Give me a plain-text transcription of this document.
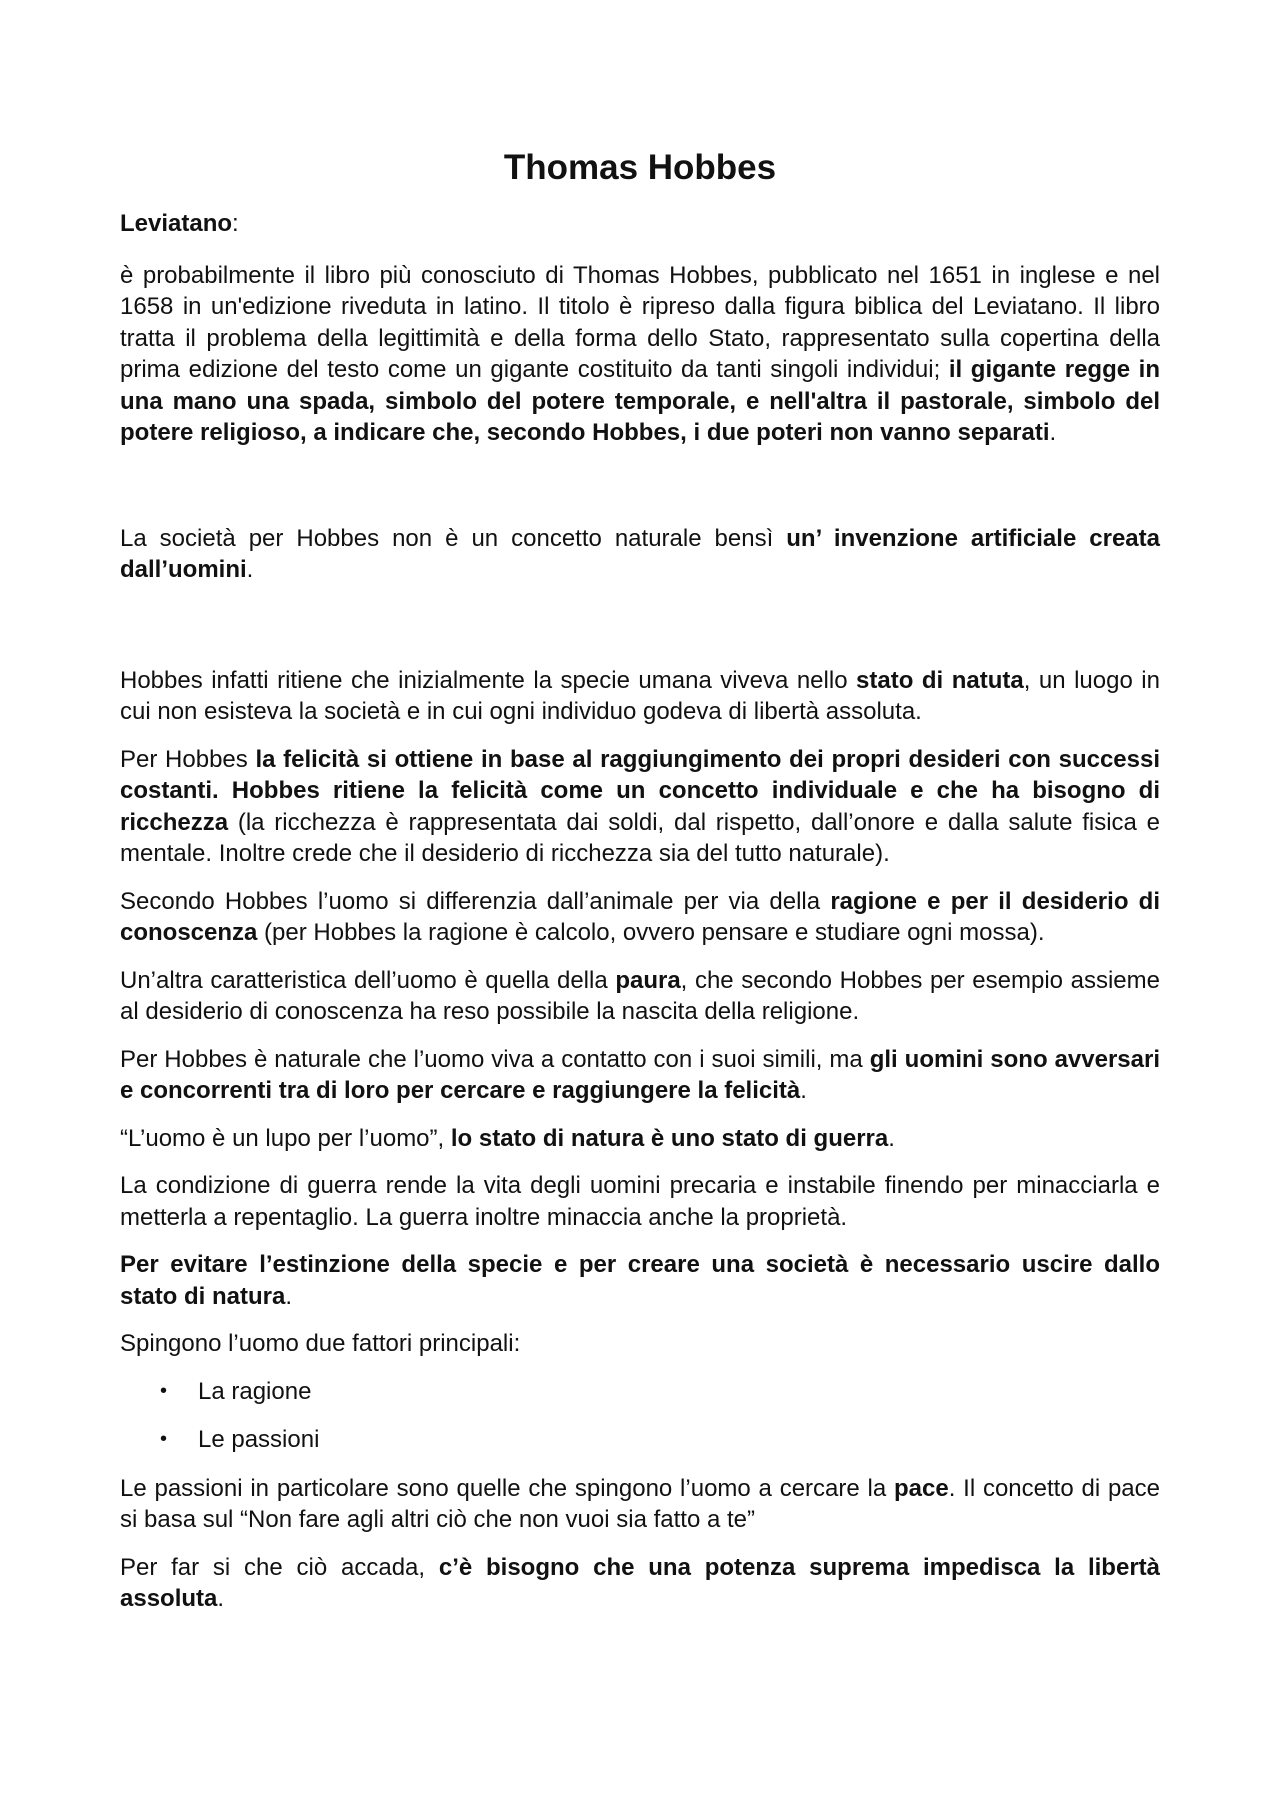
Thomas Hobbes
Leviatano:

è probabilmente il libro più conosciuto di Thomas Hobbes, pubblicato nel 1651 in inglese e nel 1658 in un'edizione riveduta in latino. Il titolo è ripreso dalla figura biblica del Leviatano. Il libro tratta il problema della legittimità e della forma dello Stato, rappresentato sulla copertina della prima edizione del testo come un gigante costituito da tanti singoli individui; il gigante regge in una mano una spada, simbolo del potere temporale, e nell'altra il pastorale, simbolo del potere religioso, a indicare che, secondo Hobbes, i due poteri non vanno separati.

La società per Hobbes non è un concetto naturale bensì un’ invenzione artificiale creata dall’uomini.

Hobbes infatti ritiene che inizialmente la specie umana viveva nello stato di natuta, un luogo in cui non esisteva la società e in cui ogni individuo godeva di libertà assoluta.

Per Hobbes la felicità si ottiene in base al raggiungimento dei propri desideri con successi costanti. Hobbes ritiene la felicità come un concetto individuale e che ha bisogno di ricchezza (la ricchezza è rappresentata dai soldi, dal rispetto, dall’onore e dalla salute fisica e mentale. Inoltre crede che il desiderio di ricchezza sia del tutto naturale).

Secondo Hobbes l’uomo si differenzia dall’animale per via della ragione e per il desiderio di conoscenza (per Hobbes la ragione è calcolo, ovvero pensare e studiare ogni mossa).

Un’altra caratteristica dell’uomo è quella della paura, che secondo Hobbes per esempio assieme al desiderio di conoscenza ha reso possibile la nascita della religione.

Per Hobbes è naturale che l’uomo viva a contatto con i suoi simili, ma gli uomini sono avversari e concorrenti tra di loro per cercare e raggiungere la felicità.

“L’uomo è un lupo per l’uomo”, lo stato di natura è uno stato di guerra.

La condizione di guerra rende la vita degli uomini precaria e instabile finendo per minacciarla e metterla a repentaglio. La guerra inoltre minaccia anche la proprietà.

Per evitare l’estinzione della specie e per creare una società è necessario uscire dallo stato di natura.

Spingono l’uomo due fattori principali:

• La ragione
• Le passioni

Le passioni in particolare sono quelle che spingono l’uomo a cercare la pace. Il concetto di pace si basa sul “Non fare agli altri ciò che non vuoi sia fatto a te”

Per far si che ciò accada, c’è bisogno che una potenza suprema impedisca la libertà assoluta.
